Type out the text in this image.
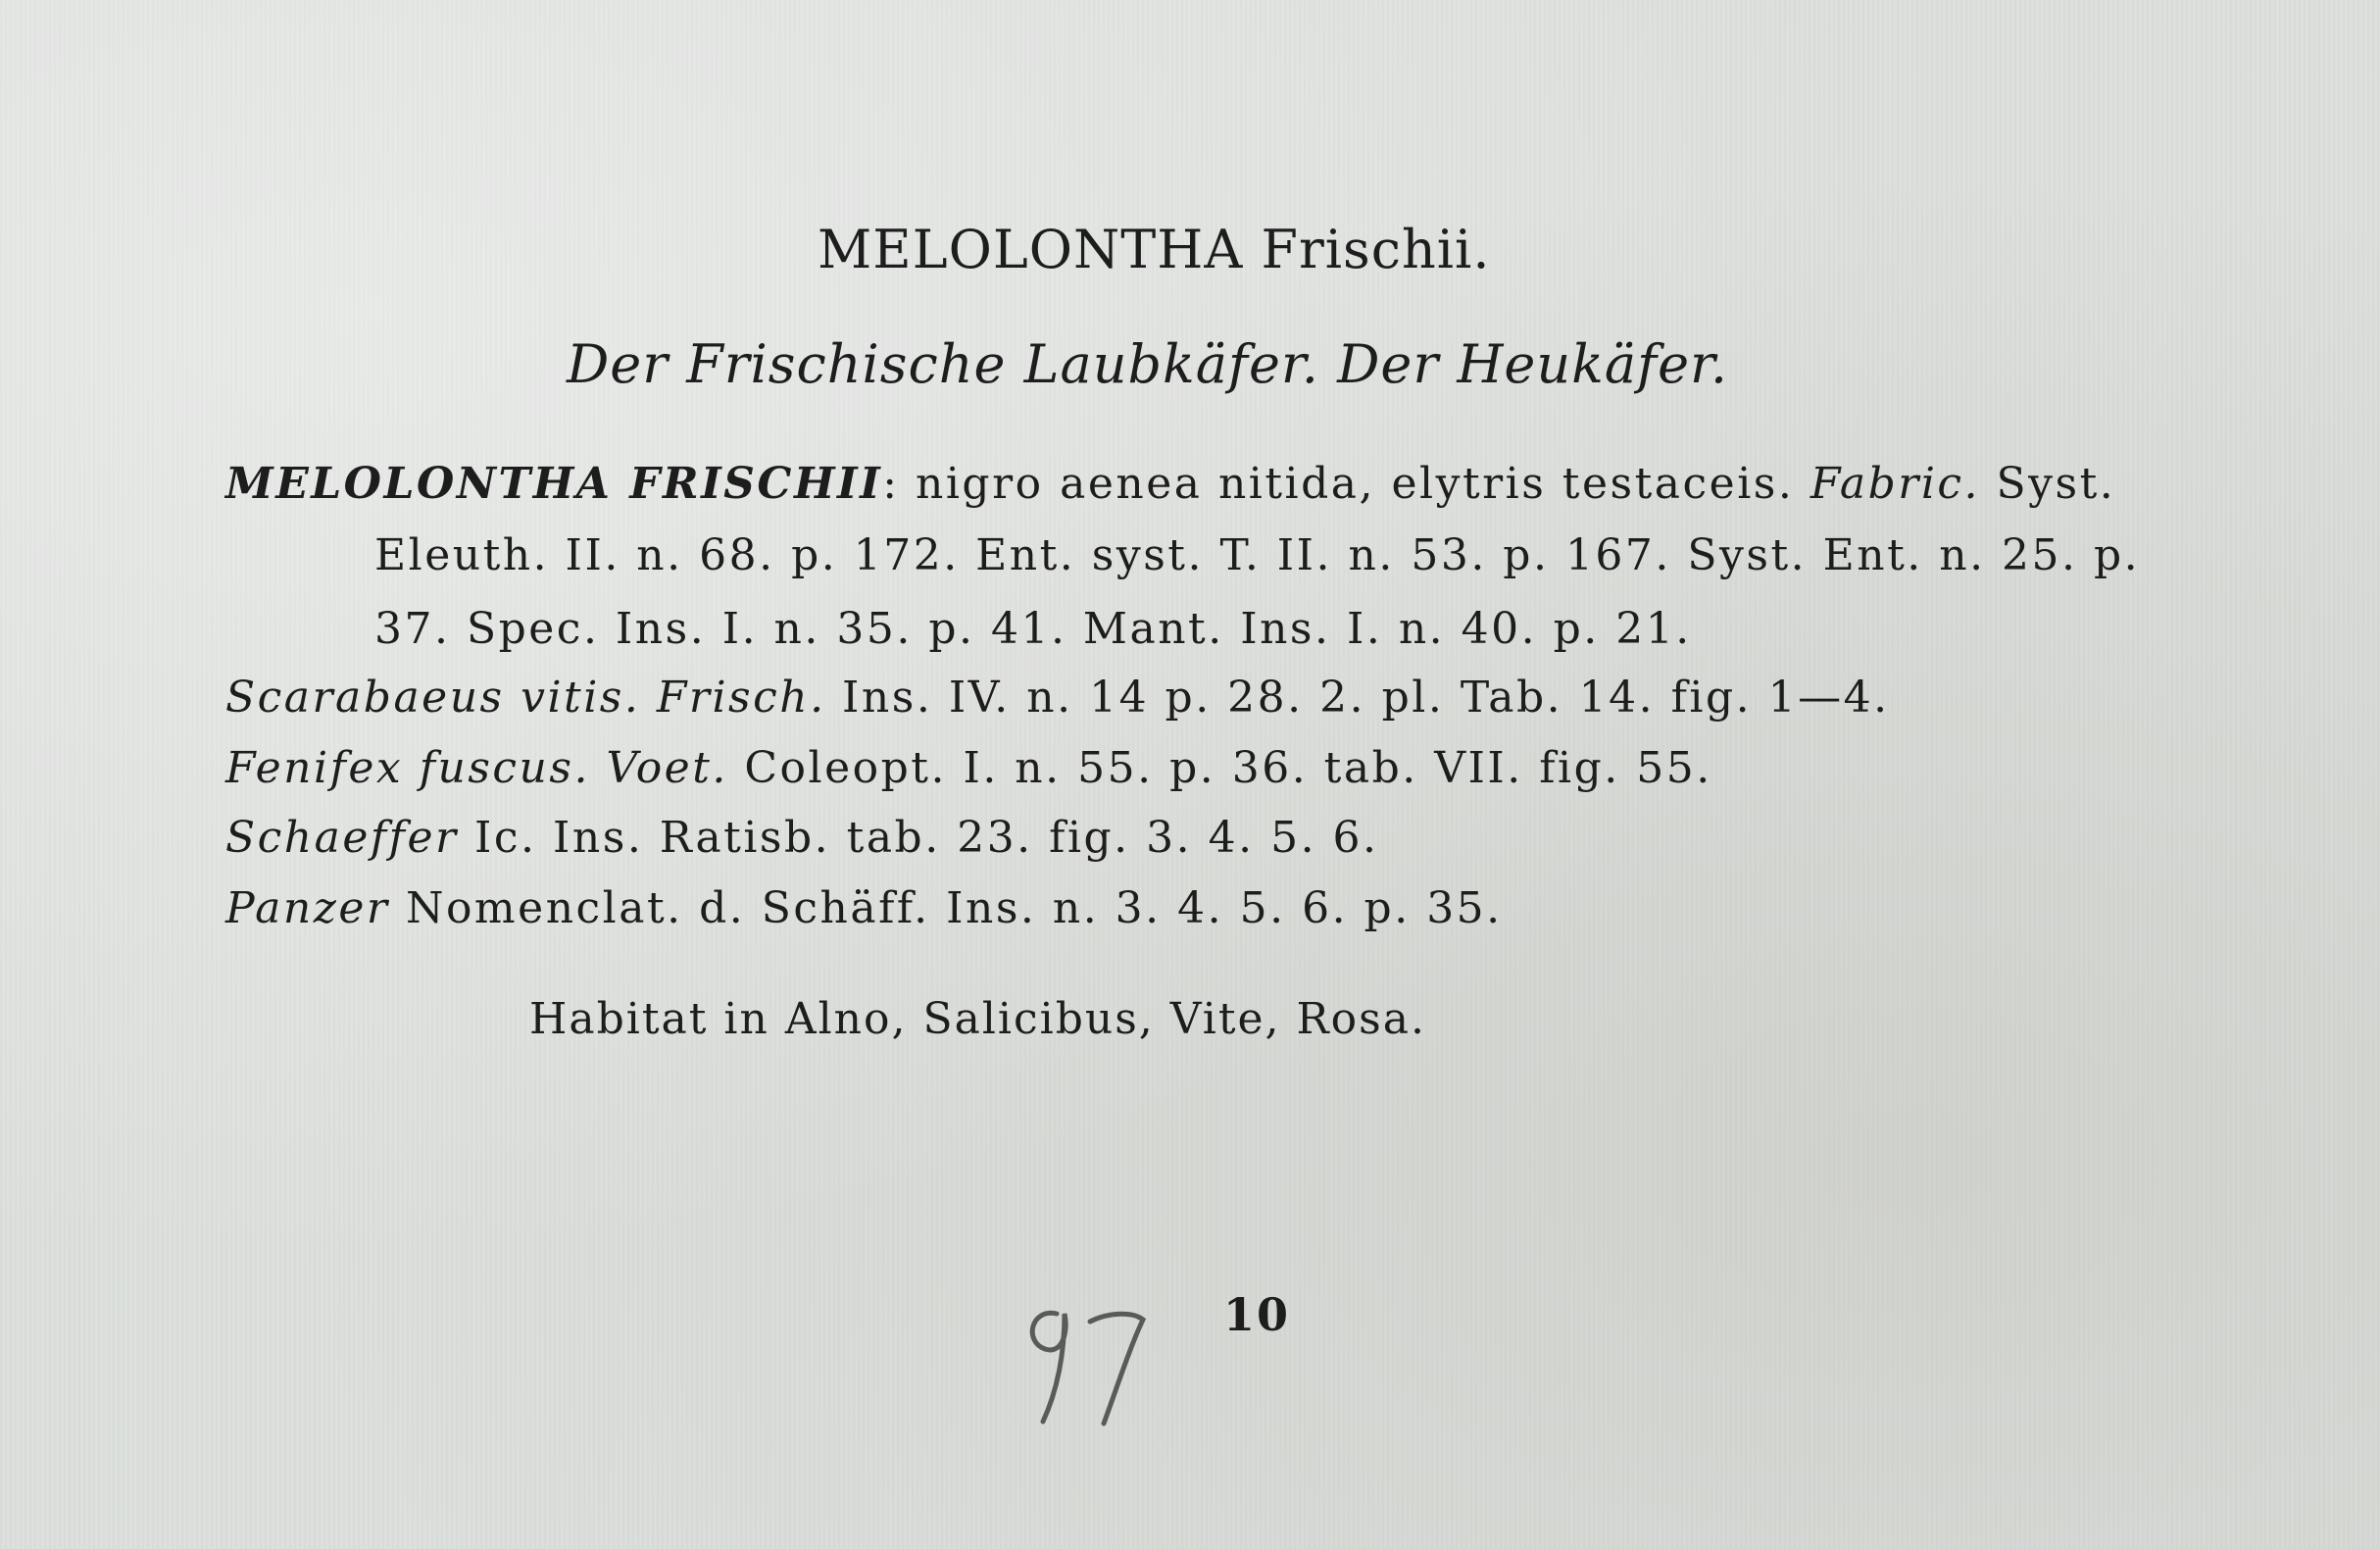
MELOLONTHA Frischii.
Der Frischische Laubkäfer. Der Heukäfer.
MELOLONTHA FRISCHII: nigro aenea nitida, elytris testaceis. Fabric. Syst.
Eleuth. II. n. 68. p. 172. Ent. syst. T. II. n. 53. p. 167. Syst. Ent. n. 25. p.
37. Spec. Ins. I. n. 35. p. 41. Mant. Ins. I. n. 40. p. 21.
Scarabaeus vitis. Frisch. Ins. IV. n. 14 p. 28. 2. pl. Tab. 14. fig. 1—4.
Fenifex fuscus. Voet. Coleopt. I. n. 55. p. 36. tab. VII. fig. 55.
Schaeffer Ic. Ins. Ratisb. tab. 23. fig. 3. 4. 5. 6.
Panzer Nomenclat. d. Schäff. Ins. n. 3. 4. 5. 6. p. 35.
Habitat in Alno, Salicibus, Vite, Rosa.
10
